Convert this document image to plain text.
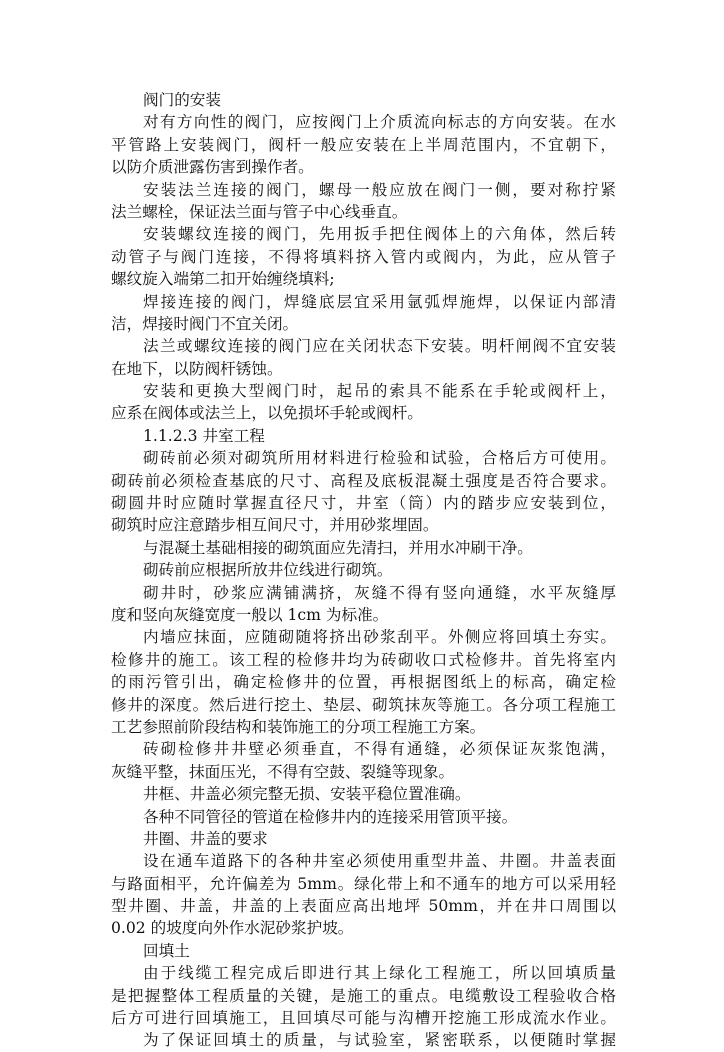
阀门的安装
对有方向性的阀门，应按阀门上介质流向标志的方向安装。在水
平管路上安装阀门，阀杆一般应安装在上半周范围内，不宜朝下，
以防介质泄露伤害到操作者。
安装法兰连接的阀门，螺母一般应放在阀门一侧，要对称拧紧
法兰螺栓，保证法兰面与管子中心线垂直。
安装螺纹连接的阀门，先用扳手把住阀体上的六角体，然后转
动管子与阀门连接，不得将填料挤入管内或阀内，为此，应从管子
螺纹旋入端第二扣开始缠绕填料;
焊接连接的阀门，焊缝底层宜采用氩弧焊施焊，以保证内部清
洁，焊接时阀门不宜关闭。
法兰或螺纹连接的阀门应在关闭状态下安装。明杆闸阀不宜安装
在地下，以防阀杆锈蚀。
安装和更换大型阀门时，起吊的索具不能系在手轮或阀杆上，
应系在阀体或法兰上，以免损坏手轮或阀杆。
1.1.2.3 井室工程
砌砖前必须对砌筑所用材料进行检验和试验，合格后方可使用。
砌砖前必须检查基底的尺寸、高程及底板混凝土强度是否符合要求。
砌圆井时应随时掌握直径尺寸，井室（筒）内的踏步应安装到位，
砌筑时应注意踏步相互间尺寸，并用砂浆埋固。
与混凝土基础相接的砌筑面应先清扫，并用水冲刷干净。
砌砖前应根据所放井位线进行砌筑。
砌井时，砂浆应满铺满挤，灰缝不得有竖向通缝，水平灰缝厚
度和竖向灰缝宽度一般以 1cm 为标准。
内墙应抹面，应随砌随将挤出砂浆刮平。外侧应将回填土夯实。
检修井的施工。该工程的检修井均为砖砌收口式检修井。首先将室内
的雨污管引出，确定检修井的位置，再根据图纸上的标高，确定检
修井的深度。然后进行挖土、垫层、砌筑抹灰等施工。各分项工程施工
工艺参照前阶段结构和装饰施工的分项工程施工方案。
砖砌检修井井壁必须垂直，不得有通缝，必须保证灰浆饱满，
灰缝平整，抹面压光，不得有空鼓、裂缝等现象。
井框、井盖必须完整无损、安装平稳位置准确。
各种不同管径的管道在检修井内的连接采用管顶平接。
井圈、井盖的要求
设在通车道路下的各种井室必须使用重型井盖、井圈。井盖表面
与路面相平，允许偏差为 5mm。绿化带上和不通车的地方可以采用轻
型井圈、井盖，井盖的上表面应高出地坪 50mm，并在井口周围以
0.02 的坡度向外作水泥砂浆护坡。
回填土
由于线缆工程完成后即进行其上绿化工程施工，所以回填质量
是把握整体工程质量的关键，是施工的重点。电缆敷设工程验收合格
后方可进行回填施工，且回填尽可能与沟槽开挖施工形成流水作业。
为了保证回填土的质量，与试验室，紧密联系，以便随时掌握
